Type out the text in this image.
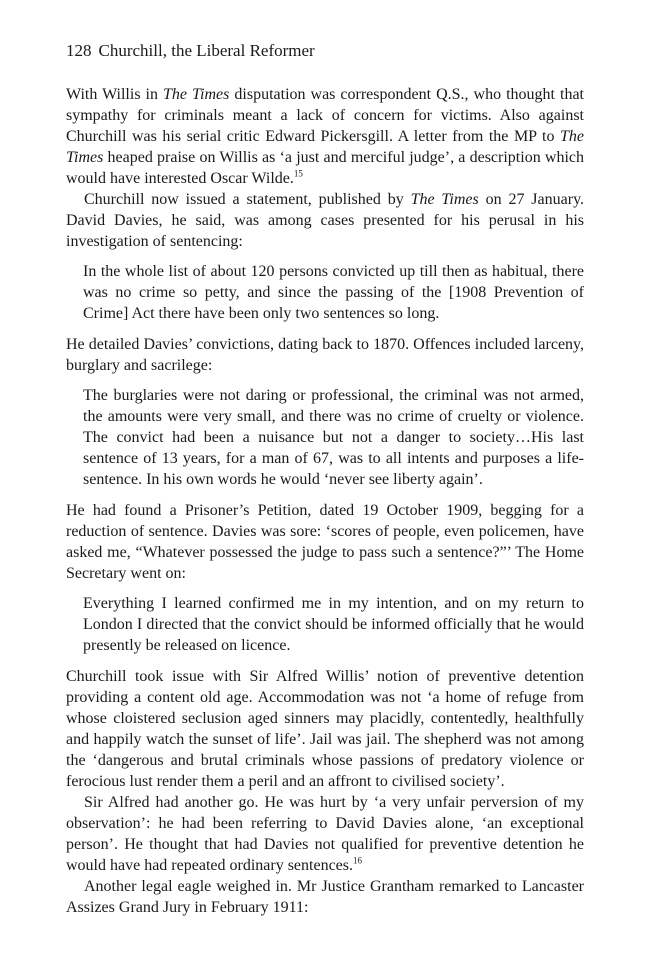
128 Churchill, the Liberal Reformer

With Willis in The Times disputation was correspondent Q.S., who thought that sympathy for criminals meant a lack of concern for victims. Also against Churchill was his serial critic Edward Pickersgill. A letter from the MP to The Times heaped praise on Willis as ‘a just and merciful judge’, a description which would have interested Oscar Wilde.$^{15}$

Churchill now issued a statement, published by The Times on 27 January. David Davies, he said, was among cases presented for his perusal in his investigation of sentencing:

In the whole list of about 120 persons convicted up till then as habitual, there was no crime so petty, and since the passing of the [1908 Prevention of Crime] Act there have been only two sentences so long.

He detailed Davies’ convictions, dating back to 1870. Offences included larceny, burglary and sacrilege:

The burglaries were not daring or professional, the criminal was not armed, the amounts were very small, and there was no crime of cruelty or violence. The convict had been a nuisance but not a danger to society…His last sentence of 13 years, for a man of 67, was to all intents and purposes a life-sentence. In his own words he would ‘never see liberty again’.

He had found a Prisoner’s Petition, dated 19 October 1909, begging for a reduction of sentence. Davies was sore: ‘scores of people, even policemen, have asked me, “Whatever possessed the judge to pass such a sentence?”’ The Home Secretary went on:

Everything I learned confirmed me in my intention, and on my return to London I directed that the convict should be informed officially that he would presently be released on licence.

Churchill took issue with Sir Alfred Willis’ notion of preventive detention providing a content old age. Accommodation was not ‘a home of refuge from whose cloistered seclusion aged sinners may placidly, contentedly, healthfully and happily watch the sunset of life’. Jail was jail. The shepherd was not among the ‘dangerous and brutal criminals whose passions of predatory violence or ferocious lust render them a peril and an affront to civilised society’.

Sir Alfred had another go. He was hurt by ‘a very unfair perversion of my observation’: he had been referring to David Davies alone, ‘an exceptional person’. He thought that had Davies not qualified for preventive detention he would have had repeated ordinary sentences.$^{16}$

Another legal eagle weighed in. Mr Justice Grantham remarked to Lancaster Assizes Grand Jury in February 1911:
